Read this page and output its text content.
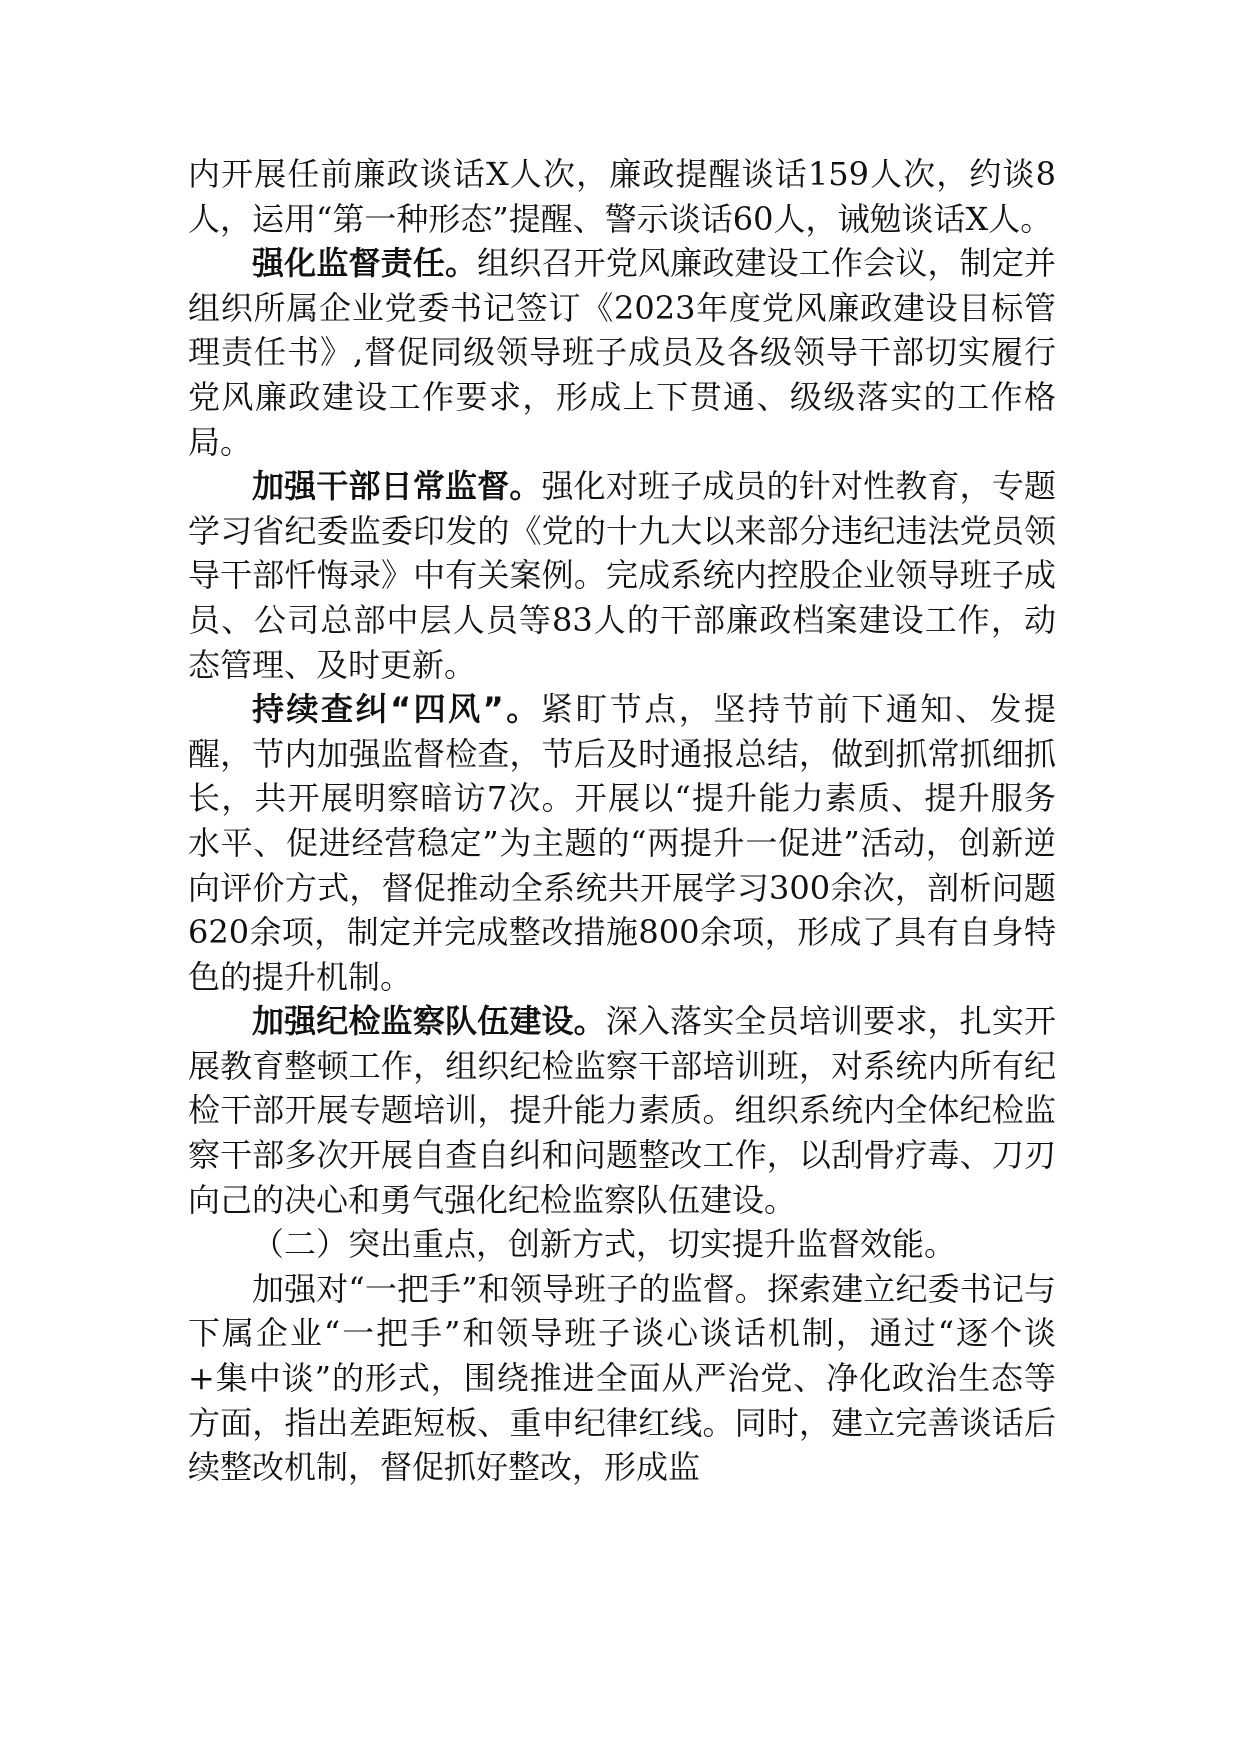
内开展任前廉政谈话X人次，廉政提醒谈话159人次，约谈8人，运用“第一种形态”提醒、警示谈话60人，诫勉谈话X人。

强化监督责任。组织召开党风廉政建设工作会议，制定并组织所属企业党委书记签订《2023年度党风廉政建设目标管理责任书》,督促同级领导班子成员及各级领导干部切实履行党风廉政建设工作要求，形成上下贯通、级级落实的工作格局。

加强干部日常监督。强化对班子成员的针对性教育，专题学习省纪委监委印发的《党的十九大以来部分违纪违法党员领导干部忏悔录》中有关案例。完成系统内控股企业领导班子成员、公司总部中层人员等83人的干部廉政档案建设工作，动态管理、及时更新。

持续查纠“四风”。紧盯节点，坚持节前下通知、发提醒，节内加强监督检查，节后及时通报总结，做到抓常抓细抓长，共开展明察暗访7次。开展以“提升能力素质、提升服务水平、促进经营稳定”为主题的“两提升一促进”活动，创新逆向评价方式，督促推动全系统共开展学习300余次，剖析问题620余项，制定并完成整改措施800余项，形成了具有自身特色的提升机制。

加强纪检监察队伍建设。深入落实全员培训要求，扎实开展教育整顿工作，组织纪检监察干部培训班，对系统内所有纪检干部开展专题培训，提升能力素质。组织系统内全体纪检监察干部多次开展自查自纠和问题整改工作，以刮骨疗毒、刀刃向己的决心和勇气强化纪检监察队伍建设。

（二）突出重点，创新方式，切实提升监督效能。

加强对“一把手”和领导班子的监督。探索建立纪委书记与下属企业“一把手”和领导班子谈心谈话机制，通过“逐个谈+集中谈”的形式，围绕推进全面从严治党、净化政治生态等方面，指出差距短板、重申纪律红线。同时，建立完善谈话后续整改机制，督促抓好整改，形成监
